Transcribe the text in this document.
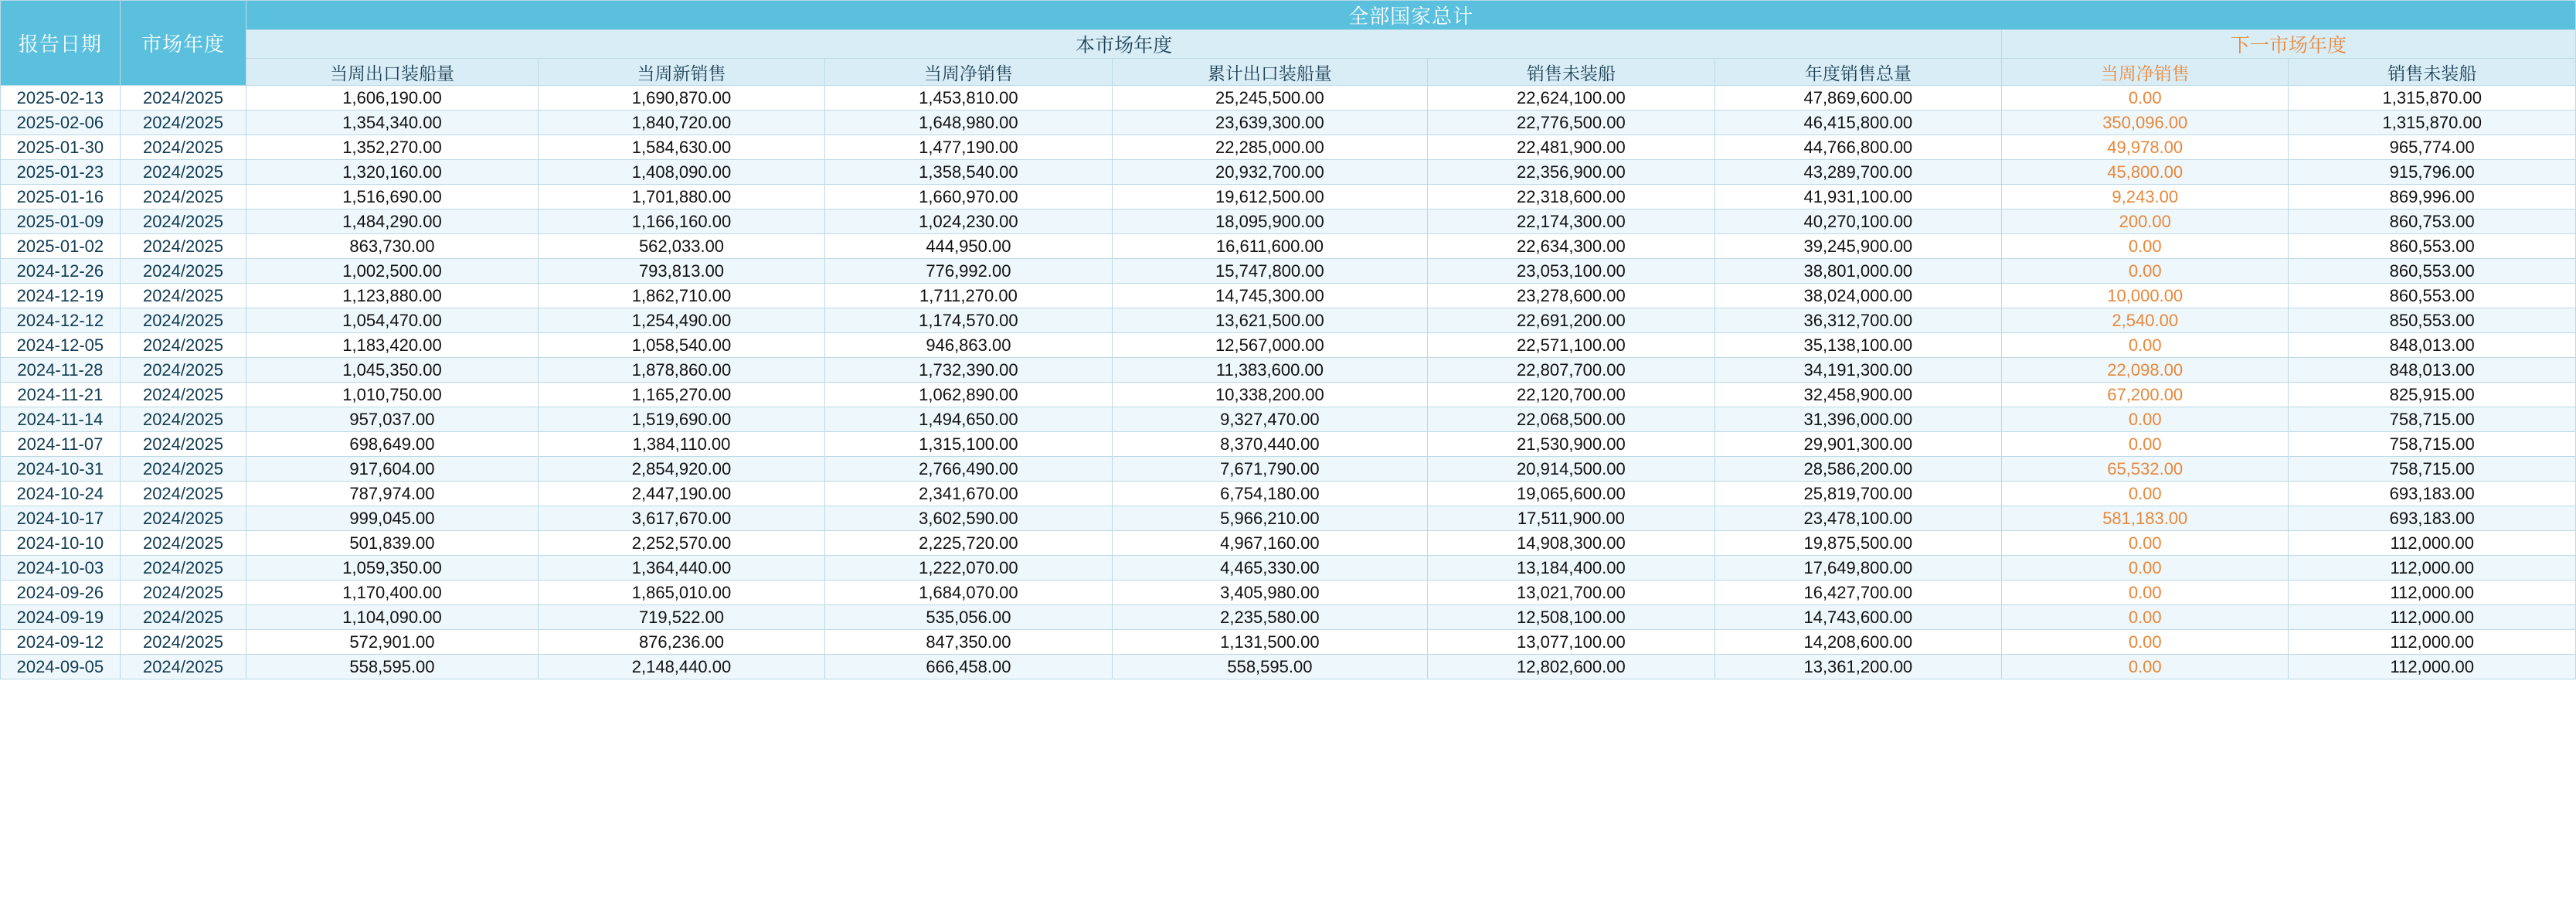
报告日期	市场年度	全部国家总计							
		本市场年度						下一市场年度	
		当周出口装船量	当周新销售	当周净销售	累计出口装船量	销售未装船	年度销售总量	当周净销售	销售未装船
2025-02-13	2024/2025	1,606,190.00	1,690,870.00	1,453,810.00	25,245,500.00	22,624,100.00	47,869,600.00	0.00	1,315,870.00
2025-02-06	2024/2025	1,354,340.00	1,840,720.00	1,648,980.00	23,639,300.00	22,776,500.00	46,415,800.00	350,096.00	1,315,870.00
2025-01-30	2024/2025	1,352,270.00	1,584,630.00	1,477,190.00	22,285,000.00	22,481,900.00	44,766,800.00	49,978.00	965,774.00
2025-01-23	2024/2025	1,320,160.00	1,408,090.00	1,358,540.00	20,932,700.00	22,356,900.00	43,289,700.00	45,800.00	915,796.00
2025-01-16	2024/2025	1,516,690.00	1,701,880.00	1,660,970.00	19,612,500.00	22,318,600.00	41,931,100.00	9,243.00	869,996.00
2025-01-09	2024/2025	1,484,290.00	1,166,160.00	1,024,230.00	18,095,900.00	22,174,300.00	40,270,100.00	200.00	860,753.00
2025-01-02	2024/2025	863,730.00	562,033.00	444,950.00	16,611,600.00	22,634,300.00	39,245,900.00	0.00	860,553.00
2024-12-26	2024/2025	1,002,500.00	793,813.00	776,992.00	15,747,800.00	23,053,100.00	38,801,000.00	0.00	860,553.00
2024-12-19	2024/2025	1,123,880.00	1,862,710.00	1,711,270.00	14,745,300.00	23,278,600.00	38,024,000.00	10,000.00	860,553.00
2024-12-12	2024/2025	1,054,470.00	1,254,490.00	1,174,570.00	13,621,500.00	22,691,200.00	36,312,700.00	2,540.00	850,553.00
2024-12-05	2024/2025	1,183,420.00	1,058,540.00	946,863.00	12,567,000.00	22,571,100.00	35,138,100.00	0.00	848,013.00
2024-11-28	2024/2025	1,045,350.00	1,878,860.00	1,732,390.00	11,383,600.00	22,807,700.00	34,191,300.00	22,098.00	848,013.00
2024-11-21	2024/2025	1,010,750.00	1,165,270.00	1,062,890.00	10,338,200.00	22,120,700.00	32,458,900.00	67,200.00	825,915.00
2024-11-14	2024/2025	957,037.00	1,519,690.00	1,494,650.00	9,327,470.00	22,068,500.00	31,396,000.00	0.00	758,715.00
2024-11-07	2024/2025	698,649.00	1,384,110.00	1,315,100.00	8,370,440.00	21,530,900.00	29,901,300.00	0.00	758,715.00
2024-10-31	2024/2025	917,604.00	2,854,920.00	2,766,490.00	7,671,790.00	20,914,500.00	28,586,200.00	65,532.00	758,715.00
2024-10-24	2024/2025	787,974.00	2,447,190.00	2,341,670.00	6,754,180.00	19,065,600.00	25,819,700.00	0.00	693,183.00
2024-10-17	2024/2025	999,045.00	3,617,670.00	3,602,590.00	5,966,210.00	17,511,900.00	23,478,100.00	581,183.00	693,183.00
2024-10-10	2024/2025	501,839.00	2,252,570.00	2,225,720.00	4,967,160.00	14,908,300.00	19,875,500.00	0.00	112,000.00
2024-10-03	2024/2025	1,059,350.00	1,364,440.00	1,222,070.00	4,465,330.00	13,184,400.00	17,649,800.00	0.00	112,000.00
2024-09-26	2024/2025	1,170,400.00	1,865,010.00	1,684,070.00	3,405,980.00	13,021,700.00	16,427,700.00	0.00	112,000.00
2024-09-19	2024/2025	1,104,090.00	719,522.00	535,056.00	2,235,580.00	12,508,100.00	14,743,600.00	0.00	112,000.00
2024-09-12	2024/2025	572,901.00	876,236.00	847,350.00	1,131,500.00	13,077,100.00	14,208,600.00	0.00	112,000.00
2024-09-05	2024/2025	558,595.00	2,148,440.00	666,458.00	558,595.00	12,802,600.00	13,361,200.00	0.00	112,000.00
